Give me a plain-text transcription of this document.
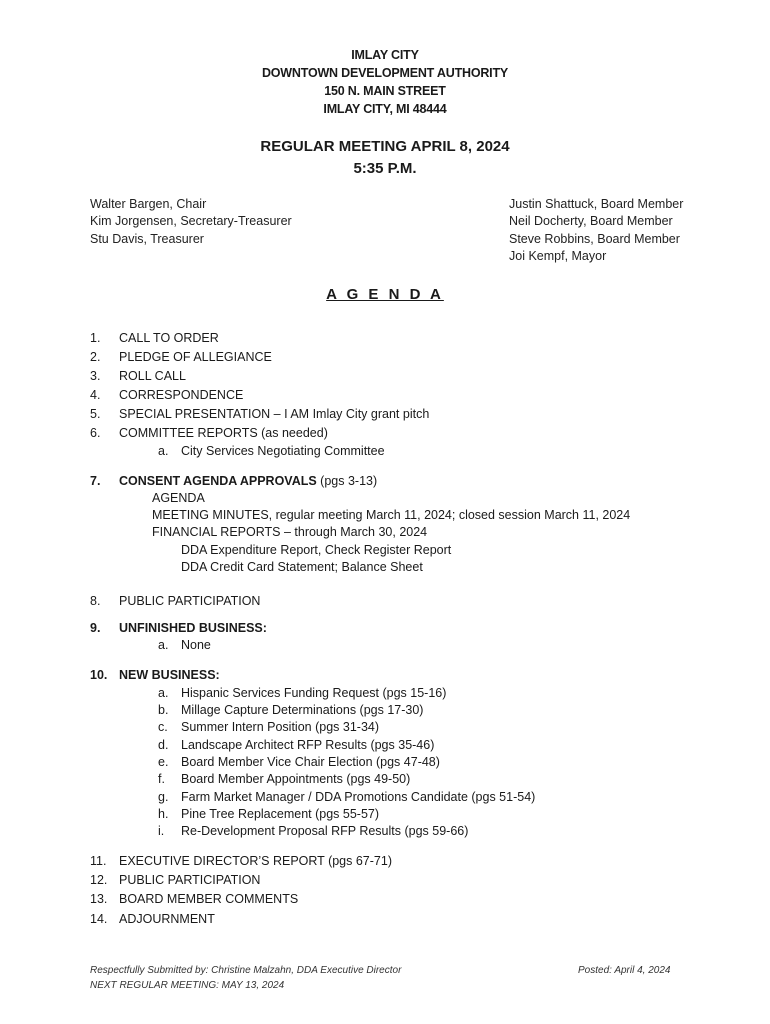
IMLAY CITY
DOWNTOWN DEVELOPMENT AUTHORITY
150 N. MAIN STREET
IMLAY CITY, MI 48444
REGULAR MEETING APRIL 8, 2024
5:35 P.M.
Walter Bargen, Chair
Kim Jorgensen, Secretary-Treasurer
Stu Davis, Treasurer
Justin Shattuck, Board Member
Neil Docherty, Board Member
Steve Robbins, Board Member
Joi Kempf, Mayor
A G E N D A
1. CALL TO ORDER
2. PLEDGE OF ALLEGIANCE
3. ROLL CALL
4. CORRESPONDENCE
5. SPECIAL PRESENTATION – I AM Imlay City grant pitch
6. COMMITTEE REPORTS (as needed)
a. City Services Negotiating Committee
7. CONSENT AGENDA APPROVALS (pgs 3-13)
AGENDA
MEETING MINUTES, regular meeting March 11, 2024; closed session March 11, 2024
FINANCIAL REPORTS – through March 30, 2024
DDA Expenditure Report, Check Register Report
DDA Credit Card Statement; Balance Sheet
8. PUBLIC PARTICIPATION
9. UNFINISHED BUSINESS:
a. None
10. NEW BUSINESS:
a. Hispanic Services Funding Request (pgs 15-16)
b. Millage Capture Determinations (pgs 17-30)
c. Summer Intern Position (pgs 31-34)
d. Landscape Architect RFP Results (pgs 35-46)
e. Board Member Vice Chair Election (pgs 47-48)
f. Board Member Appointments (pgs 49-50)
g. Farm Market Manager / DDA Promotions Candidate (pgs 51-54)
h. Pine Tree Replacement (pgs 55-57)
i. Re-Development Proposal RFP Results (pgs 59-66)
11. EXECUTIVE DIRECTOR’S REPORT (pgs 67-71)
12. PUBLIC PARTICIPATION
13. BOARD MEMBER COMMENTS
14. ADJOURNMENT
Respectfully Submitted by: Christine Malzahn, DDA Executive Director	Posted: April 4, 2024
NEXT REGULAR MEETING: MAY 13, 2024
